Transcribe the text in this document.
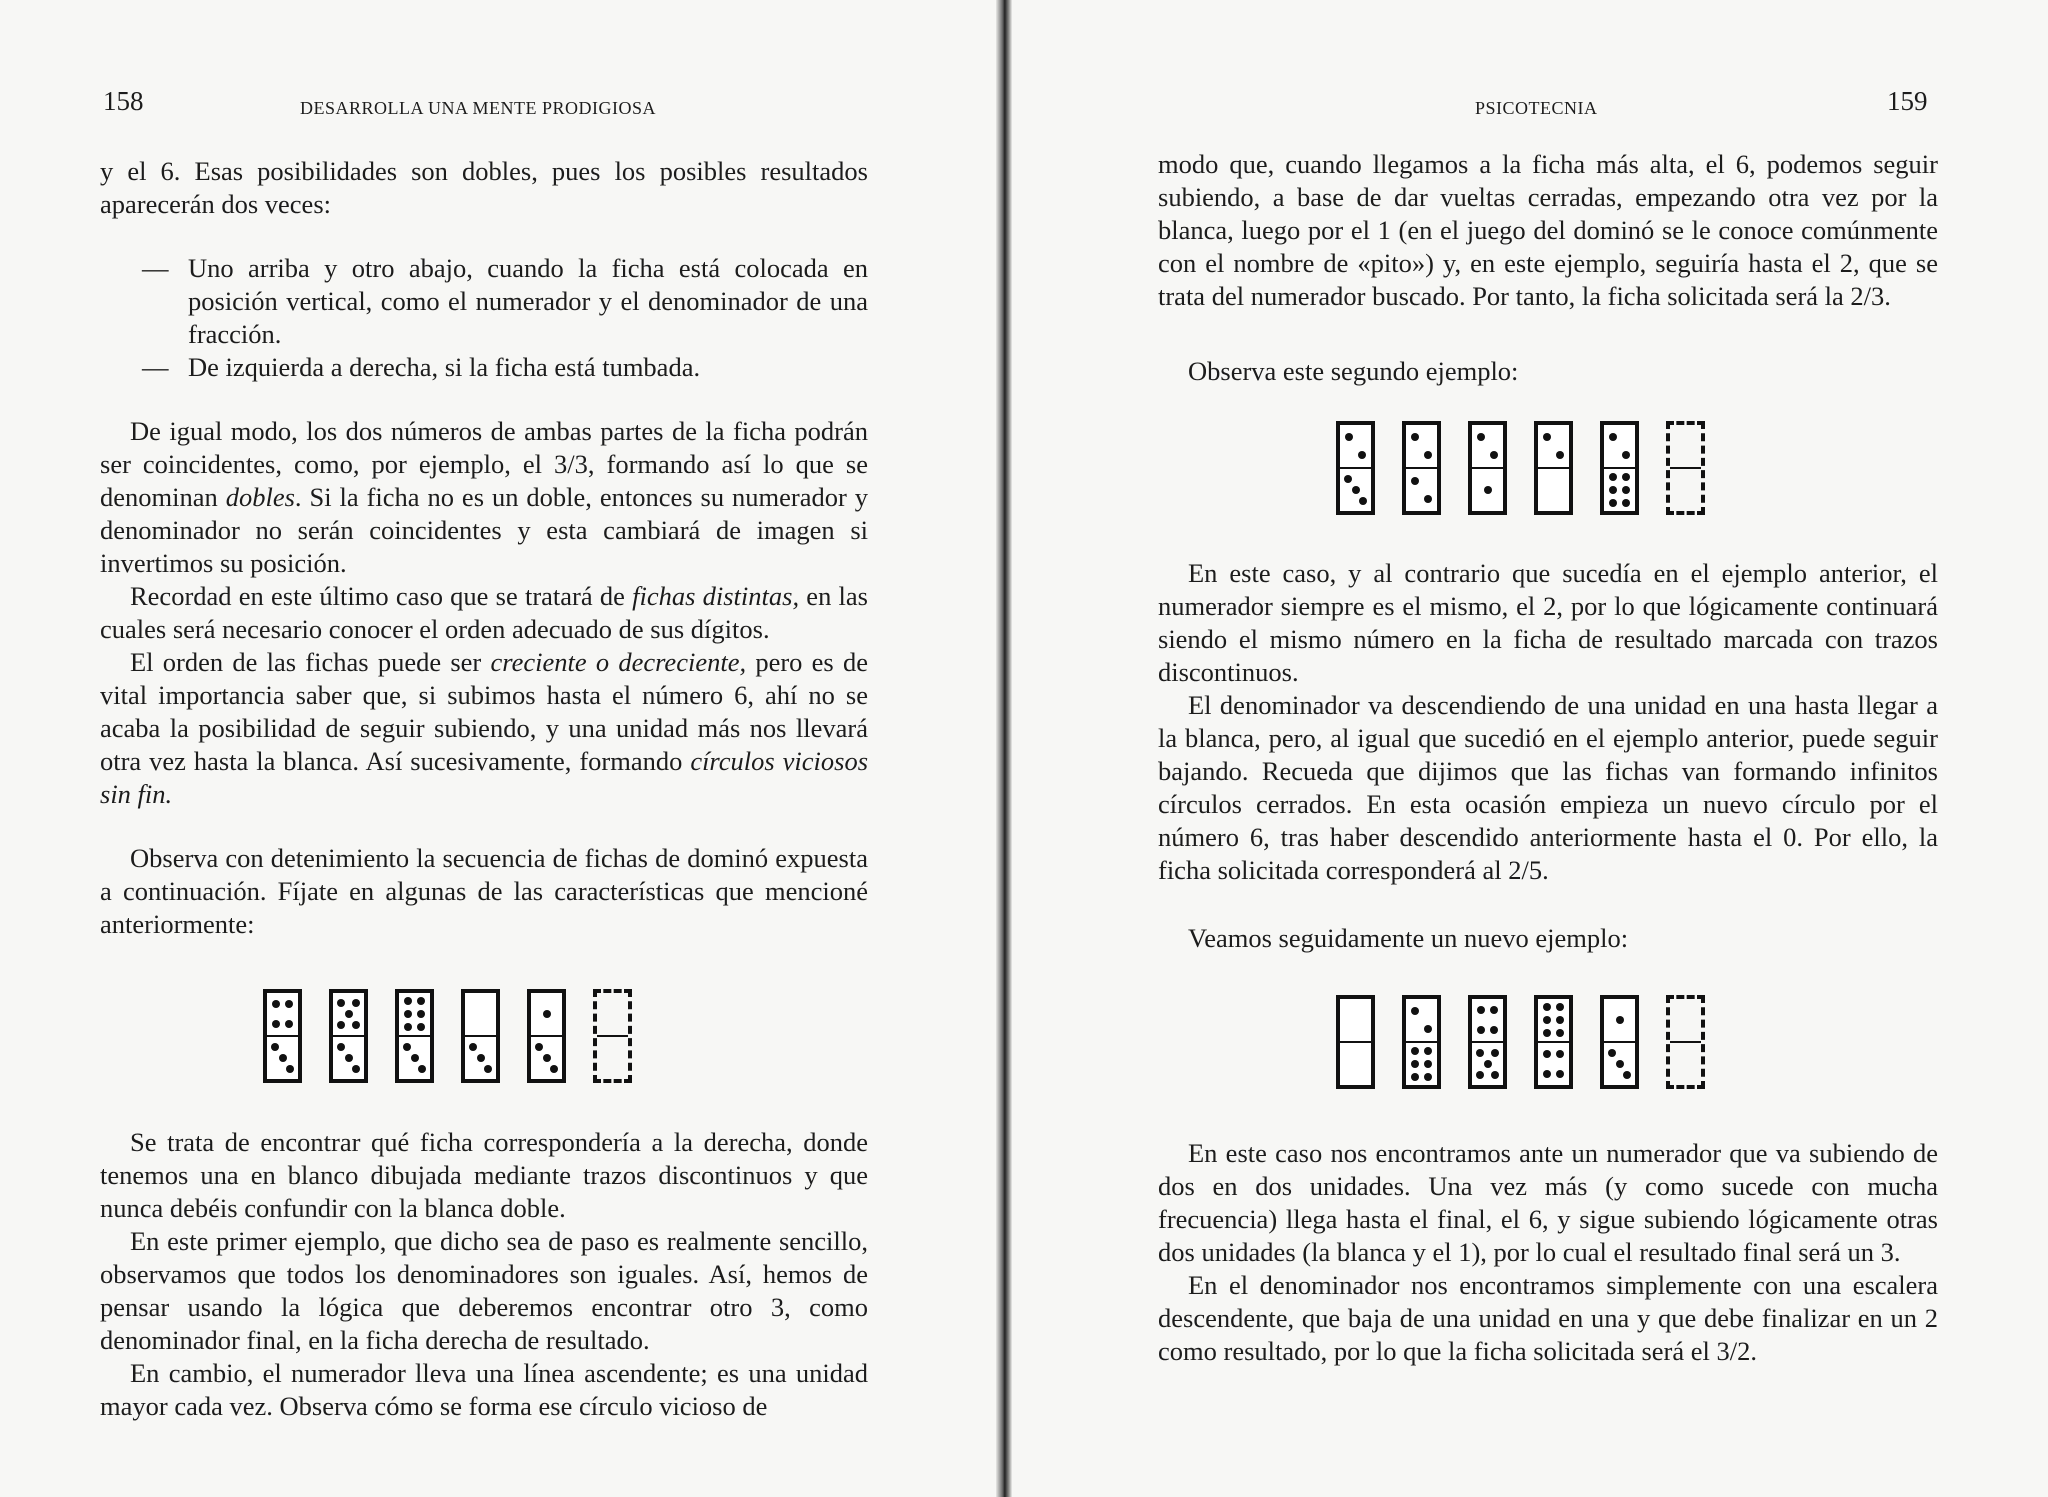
158	DESARROLLA UNA MENTE PRODIGIOSA

y el 6. Esas posibilidades son dobles, pues los posibles resultados aparecerán dos veces:

— Uno arriba y otro abajo, cuando la ficha está colocada en posición vertical, como el numerador y el denominador de una fracción.

— De izquierda a derecha, si la ficha está tumbada.

De igual modo, los dos números de ambas partes de la ficha podrán ser coincidentes, como, por ejemplo, el 3/3, formando así lo que se denominan dobles. Si la ficha no es un doble, entonces su numerador y denominador no serán coincidentes y esta cambiará de imagen si invertimos su posición.

Recordad en este último caso que se tratará de fichas distintas, en las cuales será necesario conocer el orden adecuado de sus dígitos.

El orden de las fichas puede ser creciente o decreciente, pero es de vital importancia saber que, si subimos hasta el número 6, ahí no se acaba la posibilidad de seguir subiendo, y una unidad más nos llevará otra vez hasta la blanca. Así sucesivamente, formando círculos viciosos sin fin.

Observa con detenimiento la secuencia de fichas de dominó expuesta a continuación. Fíjate en algunas de las características que mencioné anteriormente:

Se trata de encontrar qué ficha correspondería a la derecha, donde tenemos una en blanco dibujada mediante trazos discontinuos y que nunca debéis confundir con la blanca doble.

En este primer ejemplo, que dicho sea de paso es realmente sencillo, observamos que todos los denominadores son iguales. Así, hemos de pensar usando la lógica que deberemos encontrar otro 3, como denominador final, en la ficha derecha de resultado.

En cambio, el numerador lleva una línea ascendente; es una unidad mayor cada vez. Observa cómo se forma ese círculo vicioso de

PSICOTECNIA	159

modo que, cuando llegamos a la ficha más alta, el 6, podemos seguir subiendo, a base de dar vueltas cerradas, empezando otra vez por la blanca, luego por el 1 (en el juego del dominó se le conoce comúnmente con el nombre de «pito») y, en este ejemplo, seguiría hasta el 2, que se trata del numerador buscado. Por tanto, la ficha solicitada será la 2/3.

Observa este segundo ejemplo:

En este caso, y al contrario que sucedía en el ejemplo anterior, el numerador siempre es el mismo, el 2, por lo que lógicamente continuará siendo el mismo número en la ficha de resultado marcada con trazos discontinuos.

El denominador va descendiendo de una unidad en una hasta llegar a la blanca, pero, al igual que sucedió en el ejemplo anterior, puede seguir bajando. Recueda que dijimos que las fichas van formando infinitos círculos cerrados. En esta ocasión empieza un nuevo círculo por el número 6, tras haber descendido anteriormente hasta el 0. Por ello, la ficha solicitada corresponderá al 2/5.

Veamos seguidamente un nuevo ejemplo:

En este caso nos encontramos ante un numerador que va subiendo de dos en dos unidades. Una vez más (y como sucede con mucha frecuencia) llega hasta el final, el 6, y sigue subiendo lógicamente otras dos unidades (la blanca y el 1), por lo cual el resultado final será un 3.

En el denominador nos encontramos simplemente con una escalera descendente, que baja de una unidad en una y que debe finalizar en un 2 como resultado, por lo que la ficha solicitada será el 3/2.
